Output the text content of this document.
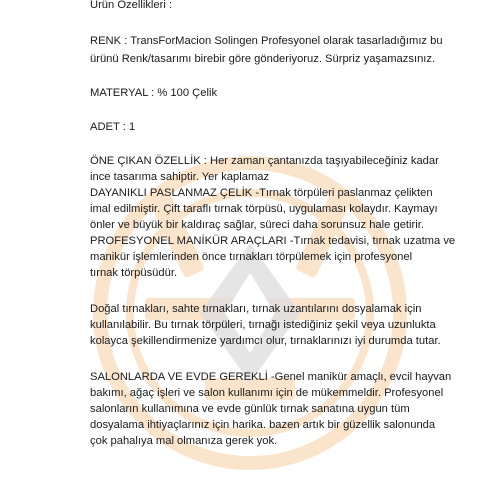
Ürün Özellikleri :
RENK : TransForMacion Solingen Profesyonel olarak tasarladığımız bu
ürünü Renk/tasarımı birebir göre gönderiyoruz. Sürpriz yaşamazsınız.
MATERYAL : % 100 Çelik
ADET : 1
ÖNE ÇIKAN ÖZELLİK : Her zaman çantanızda taşıyabileceğiniz kadar
ince tasarıma sahiptir. Yer kaplamaz
DAYANIKLI PASLANMAZ ÇELİK -Tırnak törpüleri paslanmaz çelikten
imal edilmiştir. Çift taraflı tırnak törpüsü, uygulaması kolaydır. Kaymayı
önler ve büyük bir kaldıraç sağlar, süreci daha sorunsuz hale getirir.
PROFESYONEL MANİKÜR ARAÇLARI -Tırnak tedavisi, tırnak uzatma ve
manikür işlemlerinden önce tırnakları törpülemek için profesyonel
tırnak törpüsüdür.
Doğal tırnakları, sahte tırnakları, tırnak uzantılarını dosyalamak için
kullanılabilir. Bu tırnak törpüleri, tırnağı istediğiniz şekil veya uzunlukta
kolayca şekillendirmenize yardımcı olur, tırnaklarınızı iyi durumda tutar.
SALONLARDA VE EVDE GEREKLİ -Genel manikür amaçlı, evcil hayvan
bakımı, ağaç işleri ve salon kullanımı için de mükemmeldir. Profesyonel
salonların kullanımına ve evde günlük tırnak sanatına uygun tüm
dosyalama ihtiyaçlarınız için harika. bazen artık bir güzellik salonunda
çok pahalıya mal olmanıza gerek yok.
